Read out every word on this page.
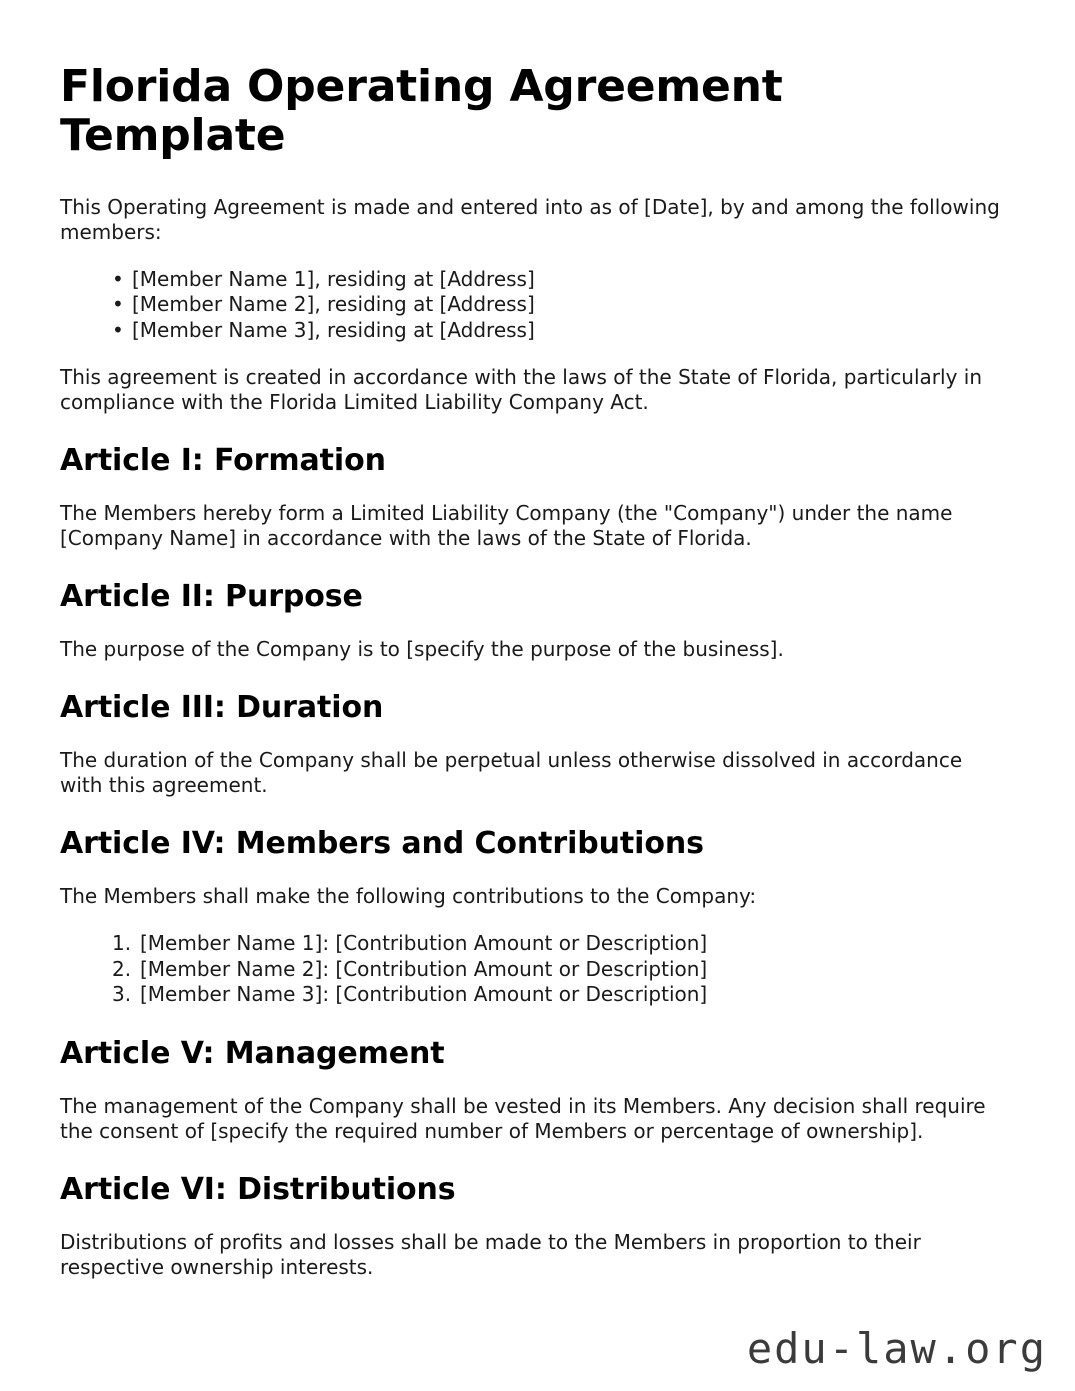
Florida Operating Agreement Template

This Operating Agreement is made and entered into as of [Date], by and among the following members:

• [Member Name 1], residing at [Address]
• [Member Name 2], residing at [Address]
• [Member Name 3], residing at [Address]

This agreement is created in accordance with the laws of the State of Florida, particularly in compliance with the Florida Limited Liability Company Act.

Article I: Formation

The Members hereby form a Limited Liability Company (the "Company") under the name [Company Name] in accordance with the laws of the State of Florida.

Article II: Purpose

The purpose of the Company is to [specify the purpose of the business].

Article III: Duration

The duration of the Company shall be perpetual unless otherwise dissolved in accordance with this agreement.

Article IV: Members and Contributions

The Members shall make the following contributions to the Company:

[Member Name 1]: [Contribution Amount or Description]
[Member Name 2]: [Contribution Amount or Description]
[Member Name 3]: [Contribution Amount or Description]
Article V: Management

The management of the Company shall be vested in its Members. Any decision shall require the consent of [specify the required number of Members or percentage of ownership].

Article VI: Distributions

Distributions of profits and losses shall be made to the Members in proportion to their respective ownership interests.

edu-law.org
